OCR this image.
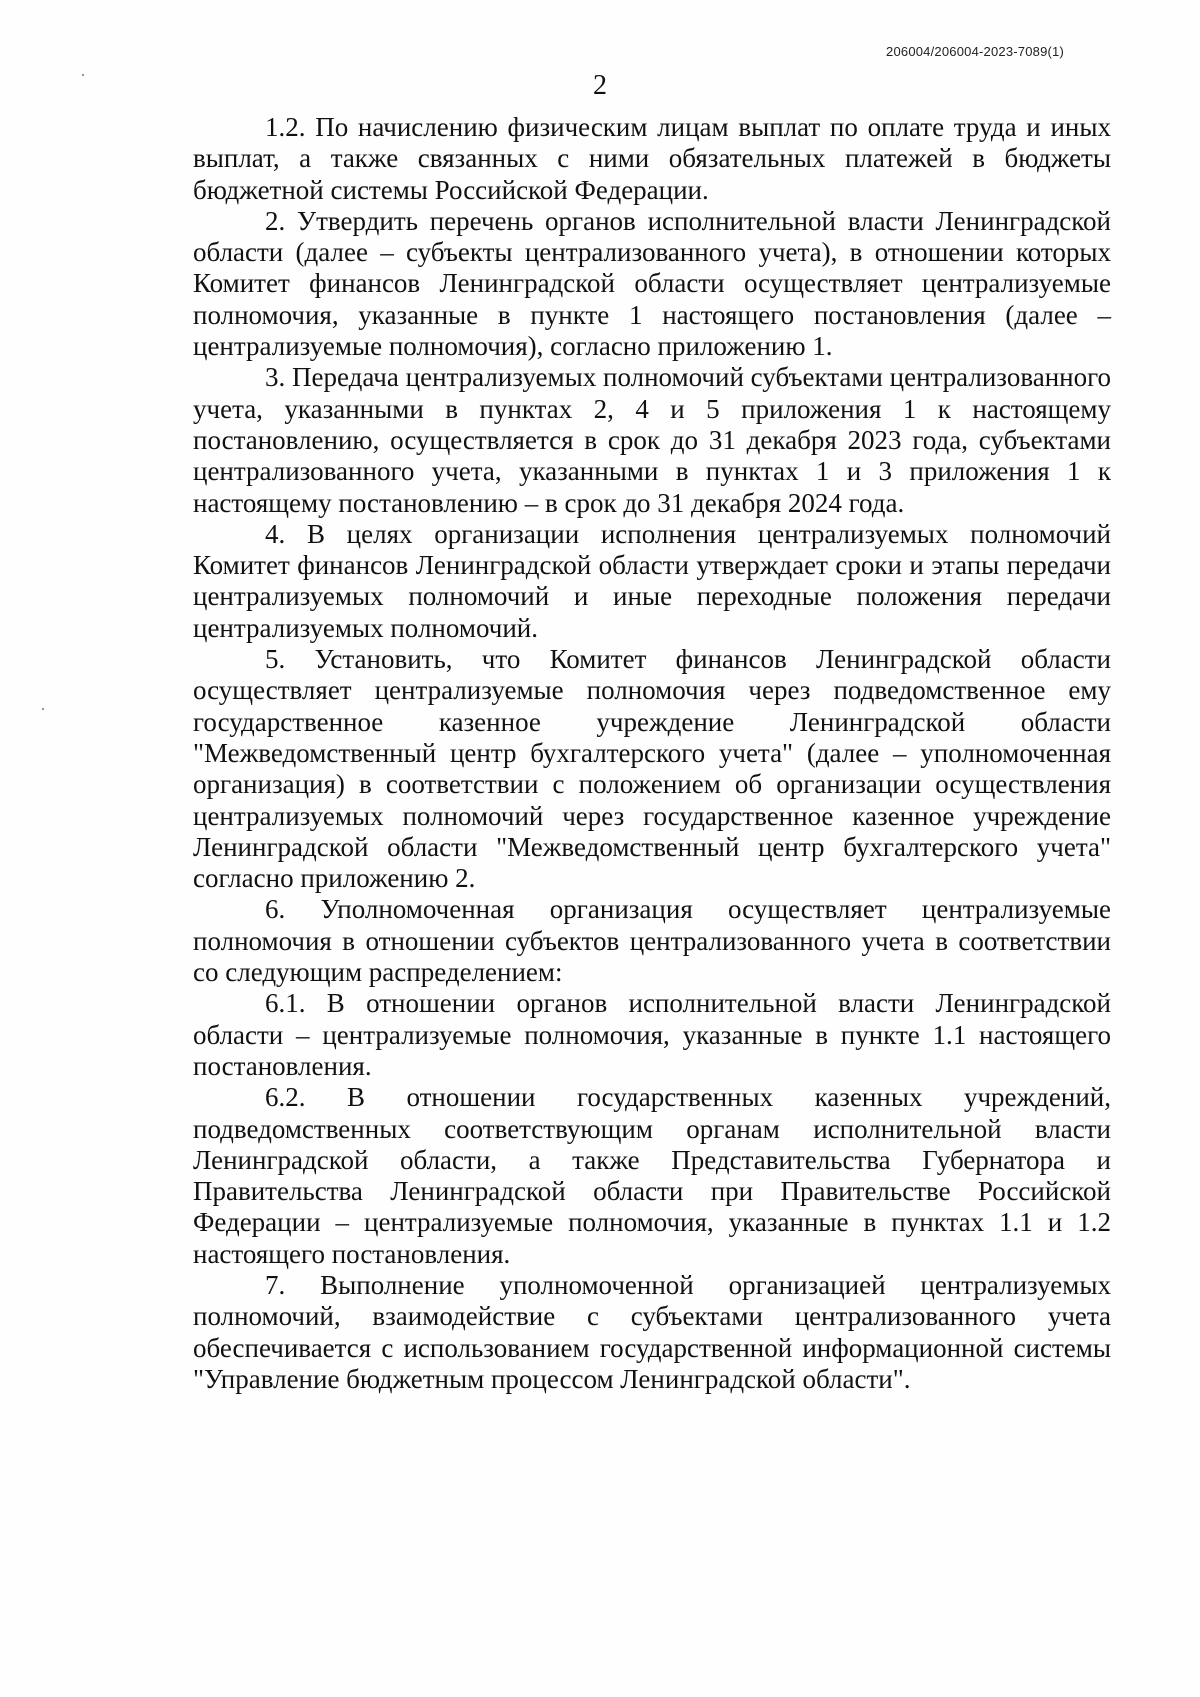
206004/206004-2023-7089(1)
2

1.2. По начислению физическим лицам выплат по оплате труда и иных выплат, а также связанных с ними обязательных платежей в бюджеты бюджетной системы Российской Федерации.

2. Утвердить перечень органов исполнительной власти Ленинградской области (далее – субъекты централизованного учета), в отношении которых Комитет финансов Ленинградской области осуществляет централизуемые полномочия, указанные в пункте 1 настоящего постановления (далее – централизуемые полномочия), согласно приложению 1.

3. Передача централизуемых полномочий субъектами централизованного учета, указанными в пунктах 2, 4 и 5 приложения 1 к настоящему постановлению, осуществляется в срок до 31 декабря 2023 года, субъектами централизованного учета, указанными в пунктах 1 и 3 приложения 1 к настоящему постановлению – в срок до 31 декабря 2024 года.

4. В целях организации исполнения централизуемых полномочий Комитет финансов Ленинградской области утверждает сроки и этапы передачи централизуемых полномочий и иные переходные положения передачи централизуемых полномочий.

5. Установить, что Комитет финансов Ленинградской области осуществляет централизуемые полномочия через подведомственное ему государственное казенное учреждение Ленинградской области "Межведомственный центр бухгалтерского учета" (далее – уполномоченная организация) в соответствии с положением об организации осуществления централизуемых полномочий через государственное казенное учреждение Ленинградской области "Межведомственный центр бухгалтерского учета" согласно приложению 2.

6. Уполномоченная организация осуществляет централизуемые полномочия в отношении субъектов централизованного учета в соответствии со следующим распределением:

6.1. В отношении органов исполнительной власти Ленинградской области – централизуемые полномочия, указанные в пункте 1.1 настоящего постановления.

6.2. В отношении государственных казенных учреждений, подведомственных соответствующим органам исполнительной власти Ленинградской области, а также Представительства Губернатора и Правительства Ленинградской области при Правительстве Российской Федерации – централизуемые полномочия, указанные в пунктах 1.1 и 1.2 настоящего постановления.

7. Выполнение уполномоченной организацией централизуемых полномочий, взаимодействие с субъектами централизованного учета обеспечивается с использованием государственной информационной системы "Управление бюджетным процессом Ленинградской области".
